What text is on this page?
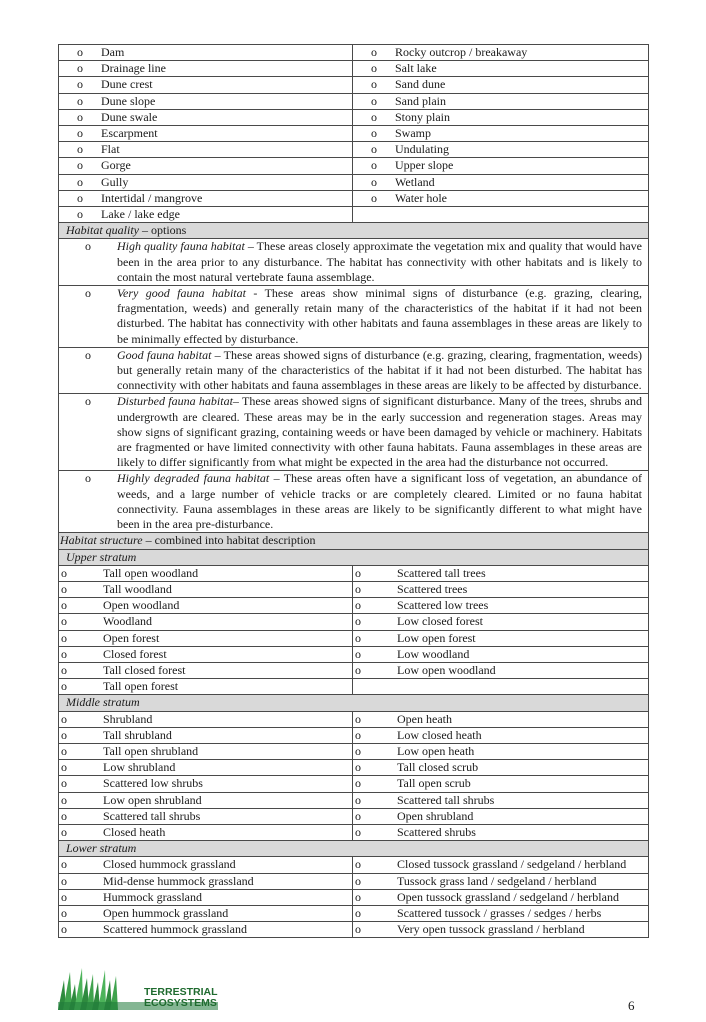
o Dam	o Rocky outcrop / breakaway

o Drainage line	o Salt lake

o Dune crest	o Sand dune

o Dune slope	o Sand plain

o Dune swale	o Stony plain

o Escarpment	o Swamp

o Flat	o Undulating

o Gorge	o Upper slope

o Gully	o Wetland

o Intertidal / mangrove	o Water hole

o Lake / lake edge	

Habitat quality – options	

o High quality fauna habitat – These areas closely approximate the vegetation mix and quality that would have been in the area prior to any disturbance. The habitat has connectivity with other habitats and is likely to contain the most natural vertebrate fauna assemblage.	

o Very good fauna habitat - These areas show minimal signs of disturbance (e.g. grazing, clearing, fragmentation, weeds) and generally retain many of the characteristics of the habitat if it had not been disturbed. The habitat has connectivity with other habitats and fauna assemblages in these areas are likely to be minimally effected by disturbance.	

o Good fauna habitat – These areas showed signs of disturbance (e.g. grazing, clearing, fragmentation, weeds) but generally retain many of the characteristics of the habitat if it had not been disturbed. The habitat has connectivity with other habitats and fauna assemblages in these areas are likely to be affected by disturbance.	

o Disturbed fauna habitat– These areas showed signs of significant disturbance. Many of the trees, shrubs and undergrowth are cleared. These areas may be in the early succession and regeneration stages. Areas may show signs of significant grazing, containing weeds or have been damaged by vehicle or machinery. Habitats are fragmented or have limited connectivity with other fauna habitats. Fauna assemblages in these areas are likely to differ significantly from what might be expected in the area had the disturbance not occurred.	

o Highly degraded fauna habitat – These areas often have a significant loss of vegetation, an abundance of weeds, and a large number of vehicle tracks or are completely cleared. Limited or no fauna habitat connectivity. Fauna assemblages in these areas are likely to be significantly different to what might have been in the area pre-disturbance.	

Habitat structure – combined into habitat description	

Upper stratum	

o Tall open woodland	o Scattered tall trees

o Tall woodland	o Scattered trees

o Open woodland	o Scattered low trees

o Woodland	o Low closed forest

o Open forest	o Low open forest

o Closed forest	o Low woodland

o Tall closed forest	o Low open woodland

o Tall open forest	

Middle stratum	

o Shrubland	o Open heath

o Tall shrubland	o Low closed heath

o Tall open shrubland	o Low open heath

o Low shrubland	o Tall closed scrub

o Scattered low shrubs	o Tall open scrub

o Low open shrubland	o Scattered tall shrubs

o Scattered tall shrubs	o Open shrubland

o Closed heath	o Scattered shrubs

Lower stratum	

o Closed hummock grassland	o Closed tussock grassland / sedgeland / herbland

o Mid-dense hummock grassland	o Tussock grass land / sedgeland / herbland

o Hummock grassland	o Open tussock grassland / sedgeland / herbland

o Open hummock grassland	o Scattered tussock / grasses / sedges / herbs

o Scattered hummock grassland	o Very open tussock grassland / herbland
TERRESTRIAL
ECOSYSTEMS	6
